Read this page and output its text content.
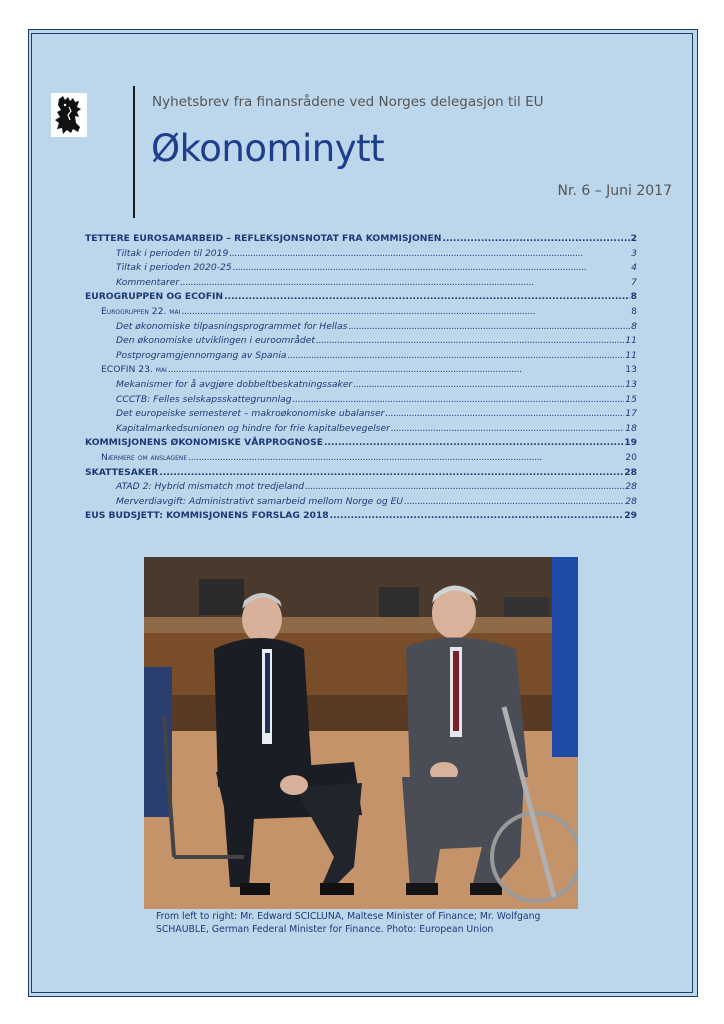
Nyhetsbrev fra finansrådene ved Norges delegasjon til EU
Økonominytt
Nr. 6 – Juni 2017
TETTERE EUROSAMARBEID – REFLEKSJONSNOTAT FRA KOMMISJONEN . . .	2
Tiltak i perioden til 2019 . . .	3
Tiltak i perioden 2020-25 . . .	4
Kommentarer . . .	7
EUROGRUPPEN OG ECOFIN . . .	8
Eurogruppen 22. mai . . .	8
Det økonomiske tilpasningsprogrammet for Hellas . . .	8
Den økonomiske utviklingen i euroområdet . . .	11
Postprogramgjennomgang av Spania . . .	11
ECOFIN 23. mai . . .	13
Mekanismer for å avgjøre dobbeltbeskatningssaker . . .	13
CCCTB: Felles selskapsskattegrunnlag . . .	15
Det europeiske semesteret – makroøkonomiske ubalanser . . .	17
Kapitalmarkedsunionen og hindre for frie kapitalbevegelser . . .	18
KOMMISJONENS ØKONOMISKE VÅRPROGNOSE . . .	19
Nærmere om anslagene . . .	20
SKATTESAKER . . .	28
ATAD 2: Hybrid mismatch mot tredjeland . . .	28
Merverdiavgift: Administrativt samarbeid mellom Norge og EU . . .	28
EUS BUDSJETT: KOMMISJONENS FORSLAG 2018 . . .	29
From left to right: Mr. Edward SCICLUNA, Maltese Minister of Finance; Mr. Wolfgang SCHAUBLE, German Federal Minister for Finance. Photo: European Union
